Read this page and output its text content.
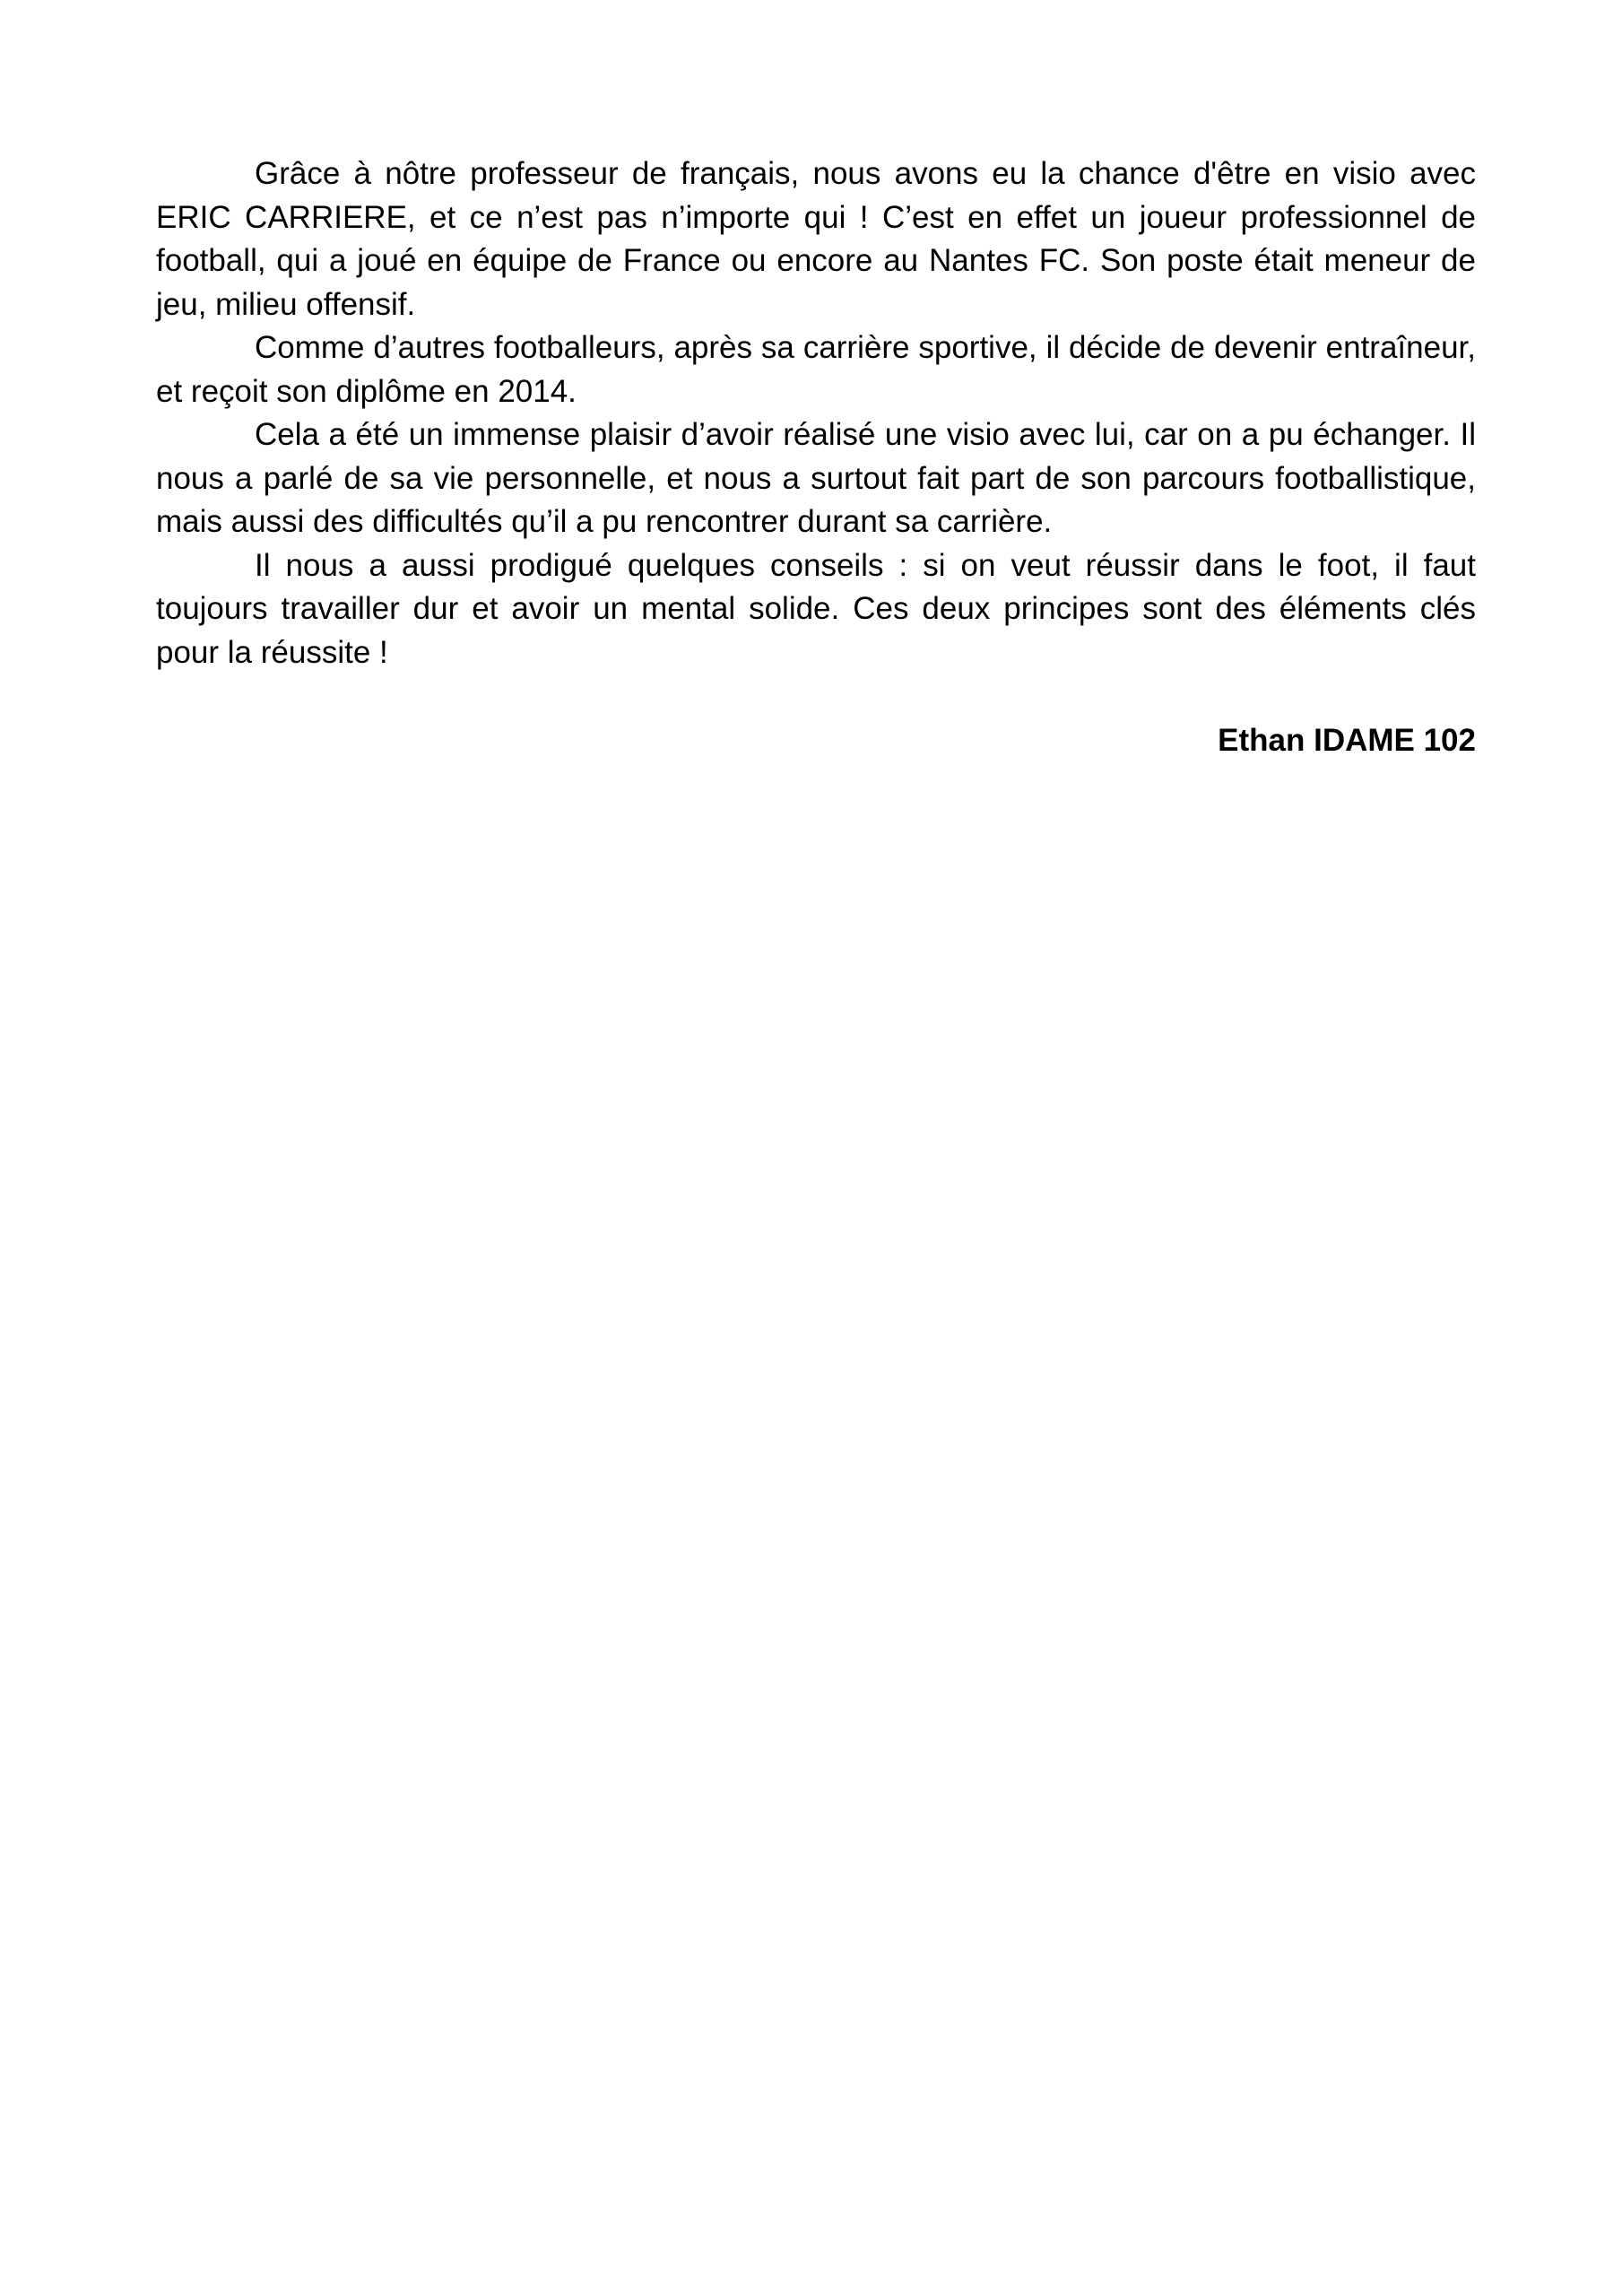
Grâce à nôtre professeur de français, nous avons eu la chance d'être en visio avec ERIC CARRIERE, et ce n’est pas n’importe qui ! C’est en effet un joueur professionnel de football, qui a joué en équipe de France ou encore au Nantes FC. Son poste était meneur de jeu, milieu offensif.

Comme d’autres footballeurs, après sa carrière sportive, il décide de devenir entraîneur, et reçoit son diplôme en 2014.

Cela a été un immense plaisir d’avoir réalisé une visio avec lui, car on a pu échanger. Il nous a parlé de sa vie personnelle, et nous a surtout fait part de son parcours footballistique, mais aussi des difficultés qu’il a pu rencontrer durant sa carrière.

Il nous a aussi prodigué quelques conseils : si on veut réussir dans le foot, il faut toujours travailler dur et avoir un mental solide. Ces deux principes sont des éléments clés pour la réussite !

Ethan IDAME 102
